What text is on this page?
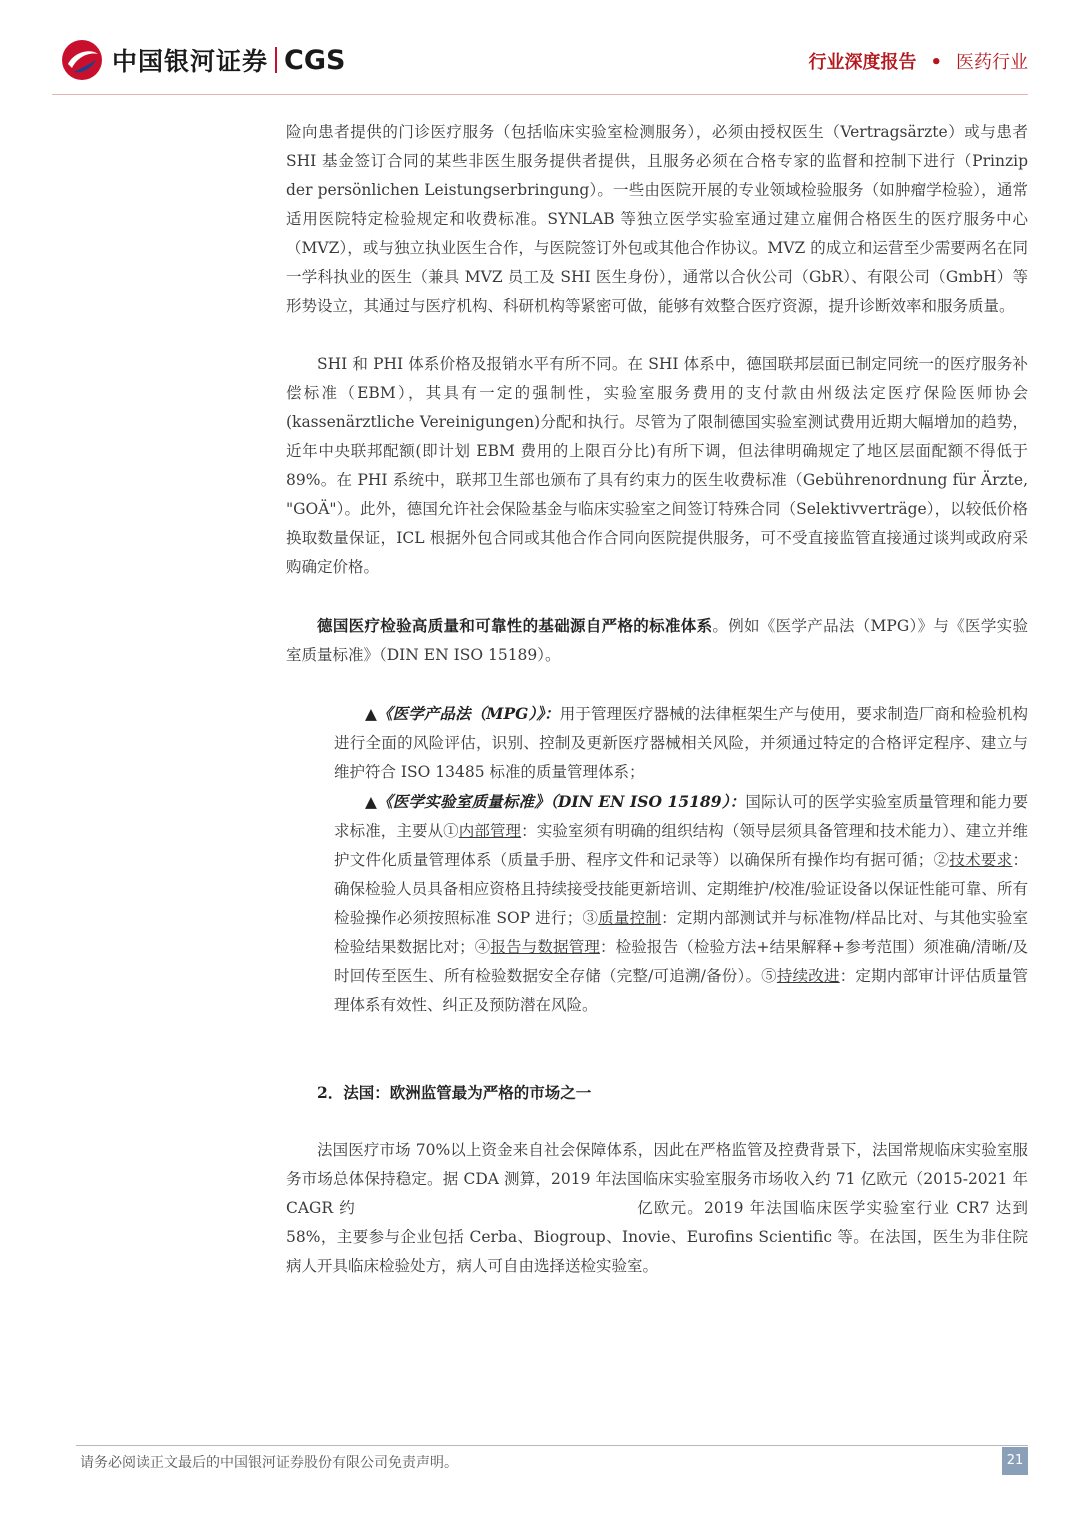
中国银河证券 CGS	行业深度报告 • 医药行业

险向患者提供的门诊医疗服务（包括临床实验室检测服务），必须由授权医生（Vertragsärzte）或与患者 SHI 基金签订合同的某些非医生服务提供者提供，且服务必须在合格专家的监督和控制下进行（Prinzip der persönlichen Leistungserbringung）。一些由医院开展的专业领域检验服务（如肿瘤学检验），通常适用医院特定检验规定和收费标准。SYNLAB 等独立医学实验室通过建立雇佣合格医生的医疗服务中心（MVZ），或与独立执业医生合作，与医院签订外包或其他合作协议。MVZ 的成立和运营至少需要两名在同一学科执业的医生（兼具 MVZ 员工及 SHI 医生身份），通常以合伙公司（GbR）、有限公司（GmbH）等形势设立，其通过与医疗机构、科研机构等紧密可做，能够有效整合医疗资源，提升诊断效率和服务质量。

SHI 和 PHI 体系价格及报销水平有所不同。在 SHI 体系中，德国联邦层面已制定同统一的医疗服务补偿标准（EBM），其具有一定的强制性，实验室服务费用的支付款由州级法定医疗保险医师协会(kassenärztliche Vereinigungen)分配和执行。尽管为了限制德国实验室测试费用近期大幅增加的趋势，近年中央联邦配额(即计划 EBM 费用的上限百分比)有所下调，但法律明确规定了地区层面配额不得低于 89%。在 PHI 系统中，联邦卫生部也颁布了具有约束力的医生收费标准（Gebührenordnung für Ärzte, "GOÄ"）。此外，德国允许社会保险基金与临床实验室之间签订特殊合同（Selektivverträge），以较低价格换取数量保证，ICL 根据外包合同或其他合作合同向医院提供服务，可不受直接监管直接通过谈判或政府采购确定价格。

德国医疗检验高质量和可靠性的基础源自严格的标准体系。例如《医学产品法（MPG）》与《医学实验室质量标准》（DIN EN ISO 15189）。

▲《医学产品法（MPG）》：用于管理医疗器械的法律框架生产与使用，要求制造厂商和检验机构进行全面的风险评估，识别、控制及更新医疗器械相关风险，并须通过特定的合格评定程序、建立与维护符合 ISO 13485 标准的质量管理体系；

▲《医学实验室质量标准》（DIN EN ISO 15189）：国际认可的医学实验室质量管理和能力要求标准，主要从①内部管理：实验室须有明确的组织结构（领导层须具备管理和技术能力）、建立并维护文件化质量管理体系（质量手册、程序文件和记录等）以确保所有操作均有据可循；②技术要求：确保检验人员具备相应资格且持续接受技能更新培训、定期维护/校准/验证设备以保证性能可靠、所有检验操作必须按照标准 SOP 进行；③质量控制：定期内部测试并与标准物/样品比对、与其他实验室检验结果数据比对；④报告与数据管理：检验报告（检验方法+结果解释+参考范围）须准确/清晰/及时回传至医生、所有检验数据安全存储（完整/可追溯/备份）。⑤持续改进：定期内部审计评估质量管理体系有效性、纠正及预防潜在风险。

2．法国：欧洲监管最为严格的市场之一

法国医疗市场 70%以上资金来自社会保障体系，因此在严格监管及控费背景下，法国常规临床实验室服务市场总体保持稳定。据 CDA 测算，2019 年法国临床实验室服务市场收入约 71 亿欧元（2015-2021 年 CAGR 约	亿欧元。2019 年法国临床医学实验室行业 CR7 达到 58%，主要参与企业包括 Cerba、Biogroup、Inovie、Eurofins Scientific 等。在法国，医生为非住院病人开具临床检验处方，病人可自由选择送检实验室。

请务必阅读正文最后的中国银河证券股份有限公司免责声明。	21
